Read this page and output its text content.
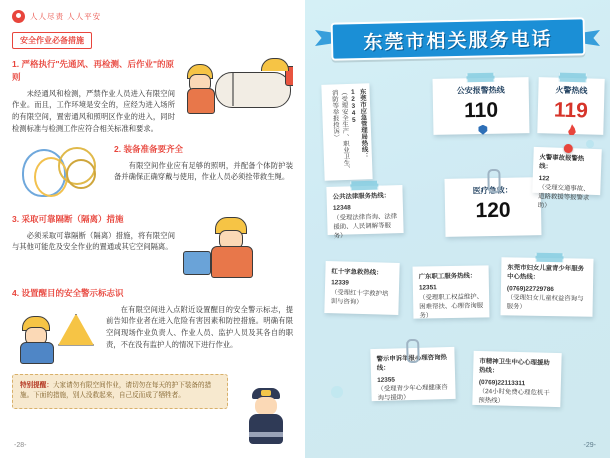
人人尽责 人人平安
安全作业必备措施

1. 严格执行"先通风、再检测、后作业"的原则

未经通风和检测，严禁作业人员进入有限空间作业。而且，工作环境是安全的，应经为进入场所的有限空间，置密通风和照明区作业的进入，同时检测标准与检测工作应符合相关标准和要求。

2. 装备准备要齐全

有限空间作业应有足够的照明，并配备个体防护装备并确保正确穿戴与使用，作业人员必须拴带救生绳。

3. 采取可靠隔断（隔离）措施

必须采取可靠隔断（隔离）措施，将有限空间与其他可能危及安全作业的置通或其它空间隔离。

4. 设置醒目的安全警示标志识

在有限空间进入点附近设置醒目的安全警示标志，提前告知作业者在进入危险有害因素和防控措施。明确有限空间现场作业负责人、作业人员、监护人员及其各自的职责，不在没有监护人的情况下进行作业。

特别提醒：大家请勿有限空间作业，请切勿在每天的护下装备的措施。下面的措施，别人没救起来，自己反而成了牺牲者。
-28-
东莞市相关服务电话
公安报警热线
110
火警热线
119
医疗急救：
120
东莞市应急管理局热线：
12345
（受理安全生产、职业卫生、消防等举报投诉）
火警事故报警热线：
122
（受理交通事故、道路救援等报警求助）
公共法律服务热线：
12348
（受理法律咨询、法律援助、人民调解等服务）
红十字急救热线：
12339
（受理红十字救护培训与咨询）
广东职工服务热线：
12351
（受理职工权益维护、困难帮扶、心理咨询服务）
东莞市妇女儿童青少年服务中心热线：
(0769)22729786
（受理妇女儿童权益咨询与服务）
警示申诉举报心理咨询热线：
12355
（受理青少年心理健康咨询与援助）
市精神卫生中心心理援助热线：
(0769)22113311
（24小时免费心理危机干预热线）
-29-
